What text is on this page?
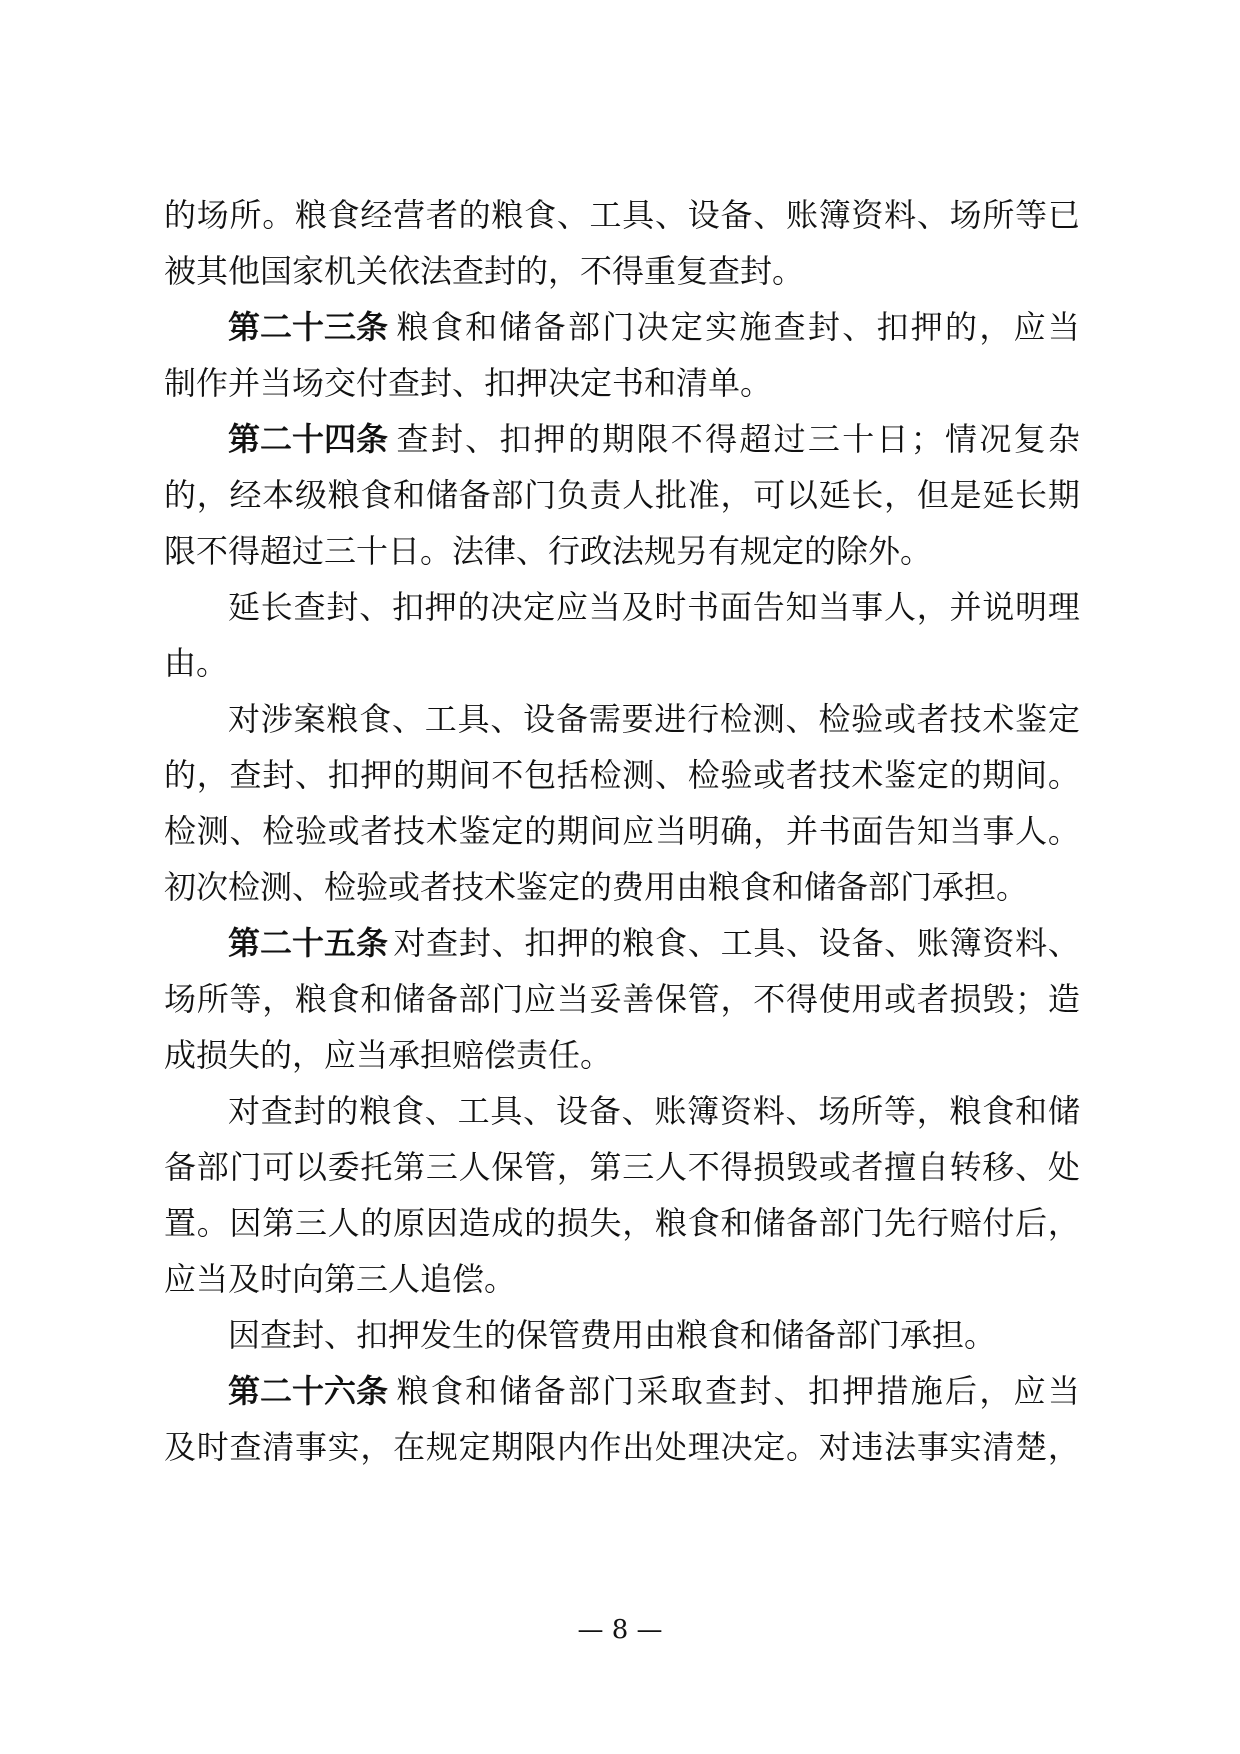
的 场 所 。 粮 食 经 营 者 的 粮 食 、 工 具 、 设 备 、 账 簿 资 料 、 场 所 等 已
被其他国家机关依法查封的，不得重复查封。
第二十三条 粮 食 和 储 备 部 门 决 定 实 施 查 封 、 扣 押 的 ， 应 当
制作并当场交付查封、扣押决定书和清单。
第二十四条 查 封 、 扣 押 的 期 限 不 得 超 过 三 十 日 ； 情 况 复 杂
的 ， 经 本 级 粮 食 和 储 备 部 门 负 责 人 批 准 ， 可 以 延 长 ， 但 是 延 长 期
限不得超过三十日。法律、行政法规另有规定的除外。
延 长 查 封 、 扣 押 的 决 定 应 当 及 时 书 面 告 知 当 事 人 ， 并 说 明 理
由。
对 涉 案 粮 食 、 工 具 、 设 备 需 要 进 行 检 测 、 检 验 或 者 技 术 鉴 定
的 ， 查 封 、 扣 押 的 期 间 不 包 括 检 测 、 检 验 或 者 技 术 鉴 定 的 期 间 。
检 测 、 检 验 或 者 技 术 鉴 定 的 期 间 应 当 明 确 ， 并 书 面 告 知 当 事 人 。
初次检测、检验或者技术鉴定的费用由粮食和储备部门承担。
第二十五条 对 查 封 、 扣 押 的 粮 食 、 工 具 、 设 备 、 账 簿 资 料 、
场 所 等 ， 粮 食 和 储 备 部 门 应 当 妥 善 保 管 ， 不 得 使 用 或 者 损 毁 ； 造
成损失的，应当承担赔偿责任。
对 查 封 的 粮 食 、 工 具 、 设 备 、 账 簿 资 料 、 场 所 等 ， 粮 食 和 储
备 部 门 可 以 委 托 第 三 人 保 管 ， 第 三 人 不 得 损 毁 或 者 擅 自 转 移 、 处
置 。 因 第 三 人 的 原 因 造 成 的 损 失 ， 粮 食 和 储 备 部 门 先 行 赔 付 后 ，
应当及时向第三人追偿。
因查封、扣押发生的保管费用由粮食和储备部门承担。
第二十六条 粮 食 和 储 备 部 门 采 取 查 封 、 扣 押 措 施 后 ， 应 当
及 时 查 清 事 实 ， 在 规 定 期 限 内 作 出 处 理 决 定 。 对 违 法 事 实 清 楚 ，
— 8 —
